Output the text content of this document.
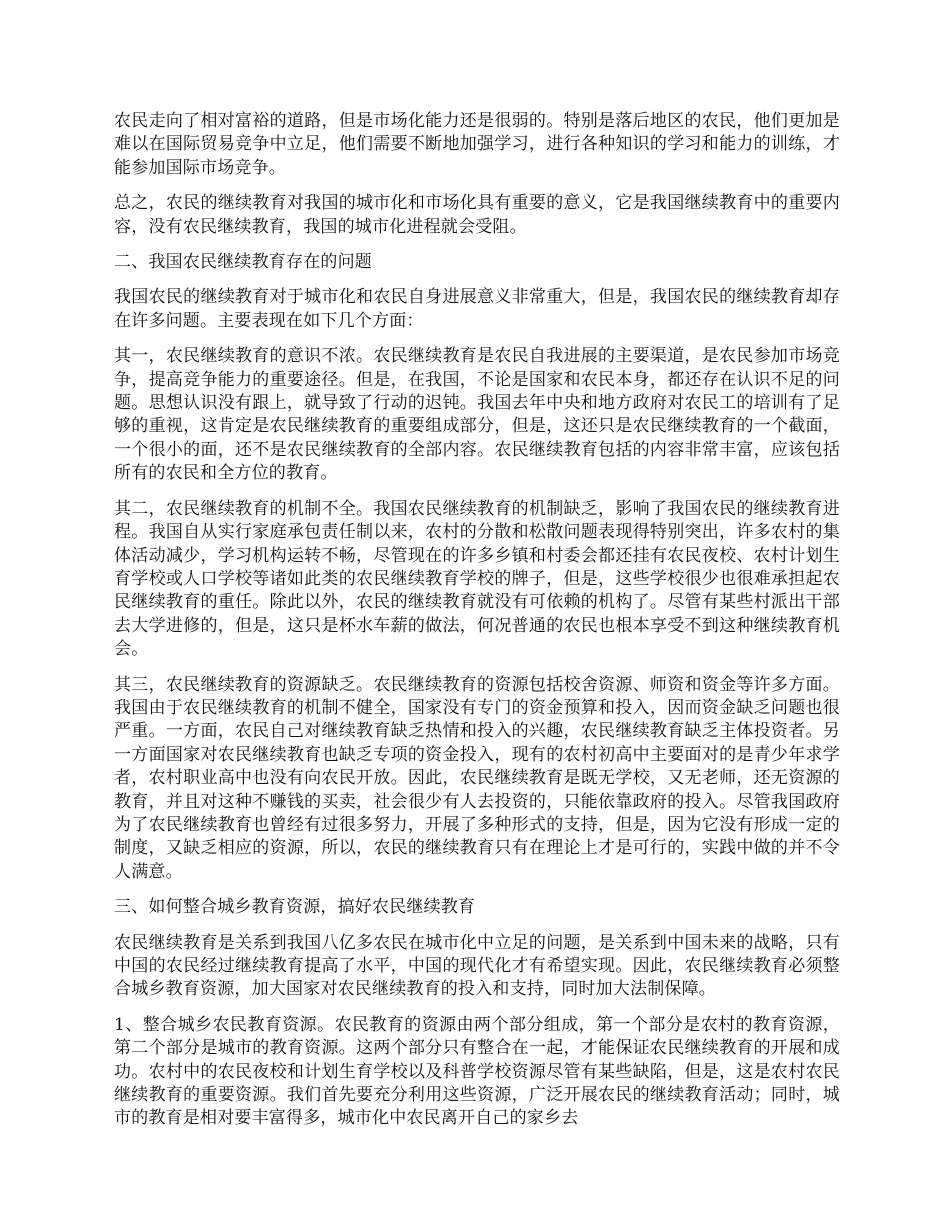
农民走向了相对富裕的道路，但是市场化能力还是很弱的。特别是落后地区的农民，他们更加是难以在国际贸易竞争中立足，他们需要不断地加强学习，进行各种知识的学习和能力的训练，才能参加国际市场竞争。

总之，农民的继续教育对我国的城市化和市场化具有重要的意义，它是我国继续教育中的重要内容，没有农民继续教育，我国的城市化进程就会受阻。

二、我国农民继续教育存在的问题

我国农民的继续教育对于城市化和农民自身进展意义非常重大，但是，我国农民的继续教育却存在许多问题。主要表现在如下几个方面：

其一，农民继续教育的意识不浓。农民继续教育是农民自我进展的主要渠道，是农民参加市场竞争，提高竞争能力的重要途径。但是，在我国，不论是国家和农民本身，都还存在认识不足的问题。思想认识没有跟上，就导致了行动的迟钝。我国去年中央和地方政府对农民工的培训有了足够的重视，这肯定是农民继续教育的重要组成部分，但是，这还只是农民继续教育的一个截面，一个很小的面，还不是农民继续教育的全部内容。农民继续教育包括的内容非常丰富，应该包括所有的农民和全方位的教育。

其二，农民继续教育的机制不全。我国农民继续教育的机制缺乏，影响了我国农民的继续教育进程。我国自从实行家庭承包责任制以来，农村的分散和松散问题表现得特别突出，许多农村的集体活动减少，学习机构运转不畅，尽管现在的许多乡镇和村委会都还挂有农民夜校、农村计划生育学校或人口学校等诸如此类的农民继续教育学校的牌子，但是，这些学校很少也很难承担起农民继续教育的重任。除此以外，农民的继续教育就没有可依赖的机构了。尽管有某些村派出干部去大学进修的，但是，这只是杯水车薪的做法，何况普通的农民也根本享受不到这种继续教育机会。

其三，农民继续教育的资源缺乏。农民继续教育的资源包括校舍资源、师资和资金等许多方面。我国由于农民继续教育的机制不健全，国家没有专门的资金预算和投入，因而资金缺乏问题也很严重。一方面，农民自己对继续教育缺乏热情和投入的兴趣，农民继续教育缺乏主体投资者。另一方面国家对农民继续教育也缺乏专项的资金投入，现有的农村初高中主要面对的是青少年求学者，农村职业高中也没有向农民开放。因此，农民继续教育是既无学校，又无老师，还无资源的教育，并且对这种不赚钱的买卖，社会很少有人去投资的，只能依靠政府的投入。尽管我国政府为了农民继续教育也曾经有过很多努力，开展了多种形式的支持，但是，因为它没有形成一定的制度，又缺乏相应的资源，所以，农民的继续教育只有在理论上才是可行的，实践中做的并不令人满意。

三、如何整合城乡教育资源，搞好农民继续教育

农民继续教育是关系到我国八亿多农民在城市化中立足的问题，是关系到中国未来的战略，只有中国的农民经过继续教育提高了水平，中国的现代化才有希望实现。因此，农民继续教育必须整合城乡教育资源，加大国家对农民继续教育的投入和支持，同时加大法制保障。

1、整合城乡农民教育资源。农民教育的资源由两个部分组成，第一个部分是农村的教育资源，第二个部分是城市的教育资源。这两个部分只有整合在一起，才能保证农民继续教育的开展和成功。农村中的农民夜校和计划生育学校以及科普学校资源尽管有某些缺陷，但是，这是农村农民继续教育的重要资源。我们首先要充分利用这些资源，广泛开展农民的继续教育活动；同时，城市的教育是相对要丰富得多，城市化中农民离开自己的家乡去
